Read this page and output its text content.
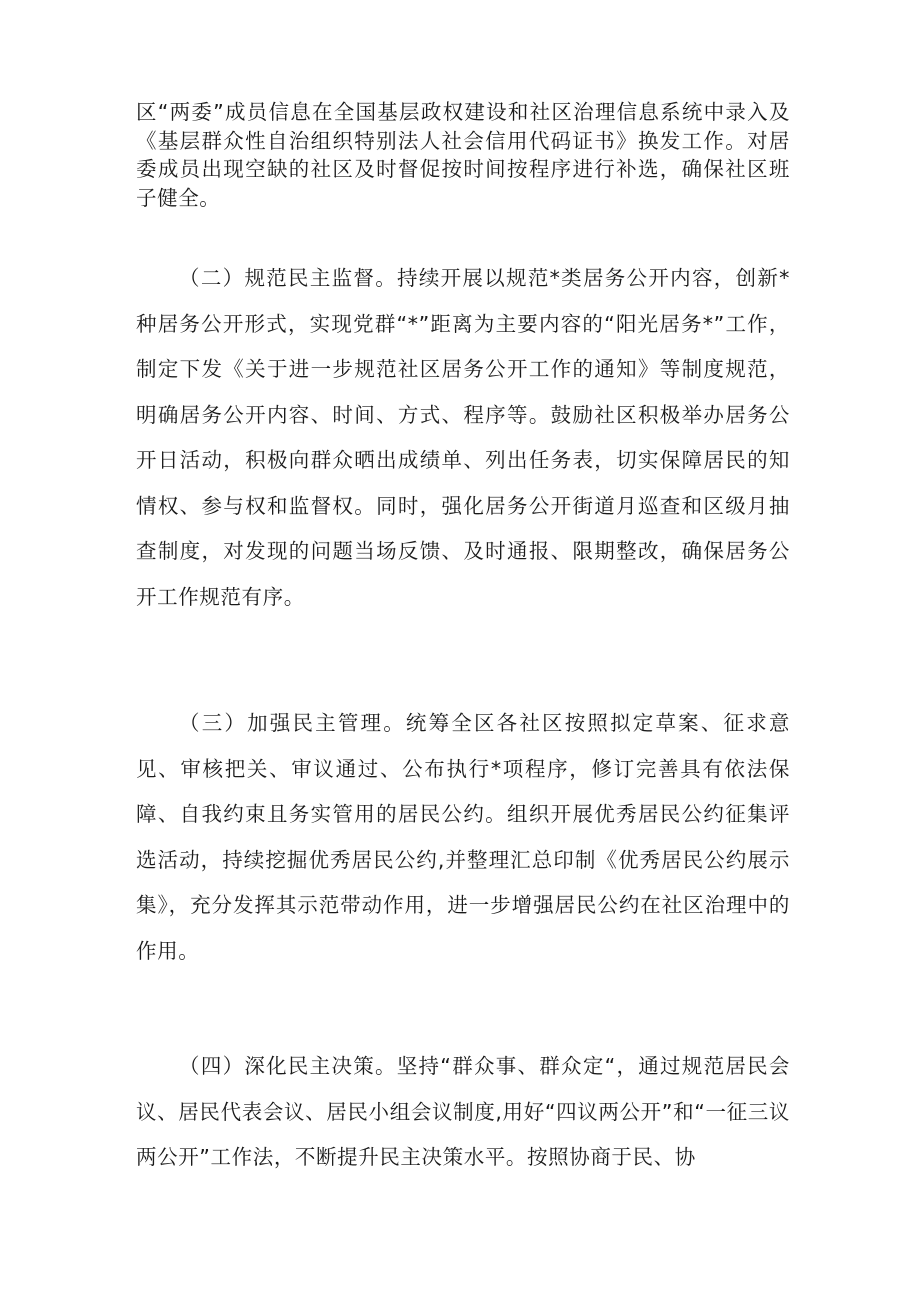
区“两委”成员信息在全国基层政权建设和社区治理信息系统中录入及《基层群众性自治组织特别法人社会信用代码证书》换发工作。对居委成员出现空缺的社区及时督促按时间按程序进行补选，确保社区班子健全。

（二）规范民主监督。持续开展以规范*类居务公开内容，创新*种居务公开形式，实现党群“*”距离为主要内容的“阳光居务*”工作，制定下发《关于进一步规范社区居务公开工作的通知》等制度规范，明确居务公开内容、时间、方式、程序等。鼓励社区积极举办居务公开日活动，积极向群众晒出成绩单、列出任务表，切实保障居民的知情权、参与权和监督权。同时，强化居务公开街道月巡查和区级月抽查制度，对发现的问题当场反馈、及时通报、限期整改，确保居务公开工作规范有序。

（三）加强民主管理。统筹全区各社区按照拟定草案、征求意见、审核把关、审议通过、公布执行*项程序，修订完善具有依法保障、自我约束且务实管用的居民公约。组织开展优秀居民公约征集评选活动，持续挖掘优秀居民公约,并整理汇总印制《优秀居民公约展示集》，充分发挥其示范带动作用，进一步增强居民公约在社区治理中的作用。

（四）深化民主决策。坚持“群众事、群众定“，通过规范居民会议、居民代表会议、居民小组会议制度,用好“四议两公开”和“一征三议两公开”工作法，不断提升民主决策水平。按照协商于民、协
